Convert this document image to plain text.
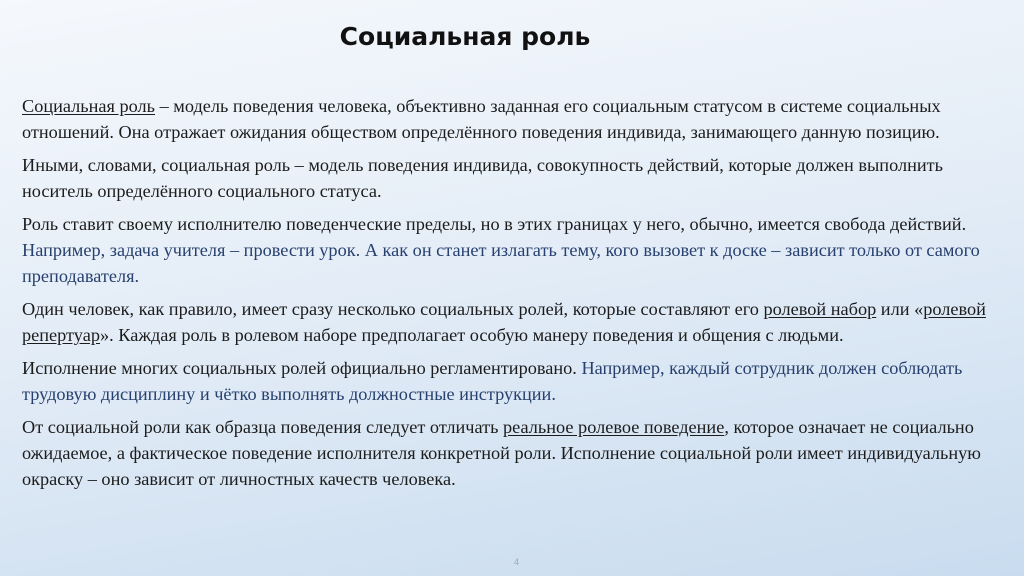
Социальная роль

Социальная роль – модель поведения человека, объективно заданная его социальным статусом в системе социальных отношений. Она отражает ожидания обществом определённого поведения индивида, занимающего данную позицию.

Иными, словами, социальная роль – модель поведения индивида, совокупность действий, которые должен выполнить носитель определённого социального статуса.

Роль ставит своему исполнителю поведенческие пределы, но в этих границах у него, обычно, имеется свобода действий. Например, задача учителя – провести урок. А как он станет излагать тему, кого вызовет к доске – зависит только от самого преподавателя.

Один человек, как правило, имеет сразу несколько социальных ролей, которые составляют его ролевой набор или «ролевой репертуар». Каждая роль в ролевом наборе предполагает особую манеру поведения и общения с людьми.

Исполнение многих социальных ролей официально регламентировано. Например, каждый сотрудник должен соблюдать трудовую дисциплину и чётко выполнять должностные инструкции.

От социальной роли как образца поведения следует отличать реальное ролевое поведение, которое означает не социально ожидаемое, а фактическое поведение исполнителя конкретной роли. Исполнение социальной роли имеет индивидуальную окраску – оно зависит от личностных качеств человека.

4
